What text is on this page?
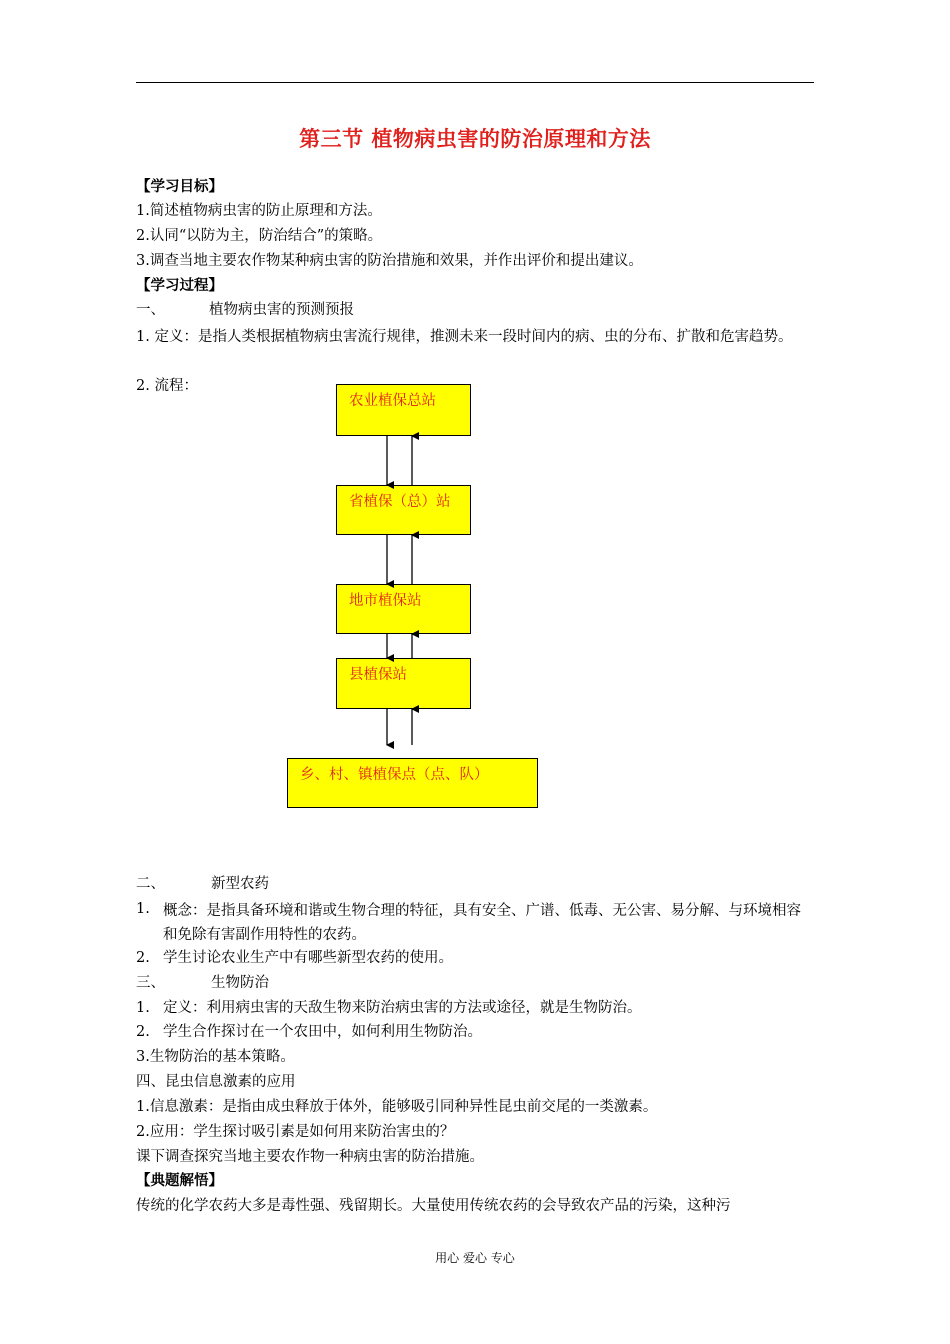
第三节 植物病虫害的防治原理和方法
【学习目标】
1.简述植物病虫害的防止原理和方法。
2.认同“以防为主，防治结合”的策略。
3.调查当地主要农作物某种病虫害的防治措施和效果，并作出评价和提出建议。
【学习过程】
一、	植物病虫害的预测预报
1. 定义：是指人类根据植物病虫害流行规律，推测未来一段时间内的病、虫的分布、扩散和危害趋势。
2. 流程：
农业植保总站
省植保（总）站
地市植保站
县植保站
乡、村、镇植保点（点、队）
二、	新型农药
1. 概念：是指具备环境和谐或生物合理的特征，具有安全、广谱、低毒、无公害、易分解、与环境相容和免除有害副作用特性的农药。
2. 学生讨论农业生产中有哪些新型农药的使用。
三、	生物防治
1. 定义：利用病虫害的天敌生物来防治病虫害的方法或途径，就是生物防治。
2. 学生合作探讨在一个农田中，如何利用生物防治。
3.生物防治的基本策略。
四、昆虫信息激素的应用
1.信息激素：是指由成虫释放于体外，能够吸引同种异性昆虫前交尾的一类激素。
2.应用：学生探讨吸引素是如何用来防治害虫的？
课下调查探究当地主要农作物一种病虫害的防治措施。
【典题解悟】
传统的化学农药大多是毒性强、残留期长。大量使用传统农药的会导致农产品的污染，这种污
用心 爱心 专心
